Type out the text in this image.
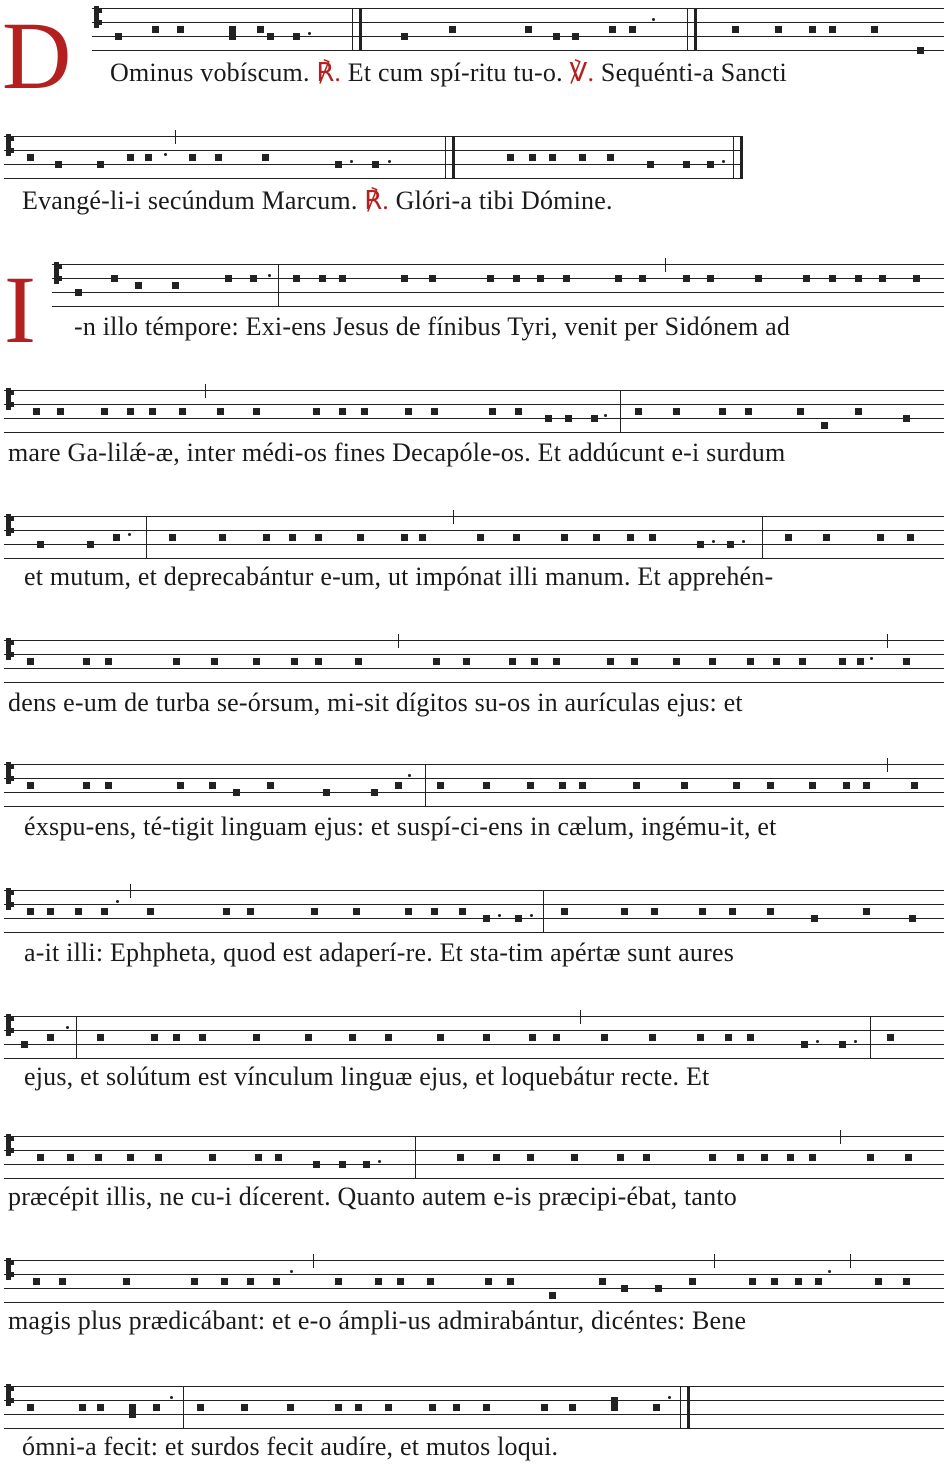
D
I
Ominus vobíscum. ℟. Et cum spí-ritu tu-o. ℣. Sequénti-a Sancti
Evangé-li-i secúndum Marcum. ℟. Glóri-a tibi Dómine.
-n illo témpore: Exi-ens Jesus de fínibus Tyri, venit per Sidónem ad
mare Ga-lilǽ-æ, inter médi-os fines Decapóle-os. Et addúcunt e-i surdum
et mutum, et deprecabántur e-um, ut impónat illi manum. Et apprehén-
dens e-um de turba se-órsum, mi-sit dígitos su-os in aurículas ejus: et
éxspu-ens, té-tigit linguam ejus: et suspí-ci-ens in cælum, ingému-it, et
a-it illi: Ephpheta, quod est adaperí-re. Et sta-tim apértæ sunt aures
ejus, et solútum est vínculum linguæ ejus, et loquebátur recte. Et
præcépit illis, ne cu-i dícerent. Quanto autem e-is præcipi-ébat, tanto
magis plus prædicábant: et e-o ámpli-us admirabántur, dicéntes: Bene
ómni-a fecit: et surdos fecit audíre, et mutos loqui.
